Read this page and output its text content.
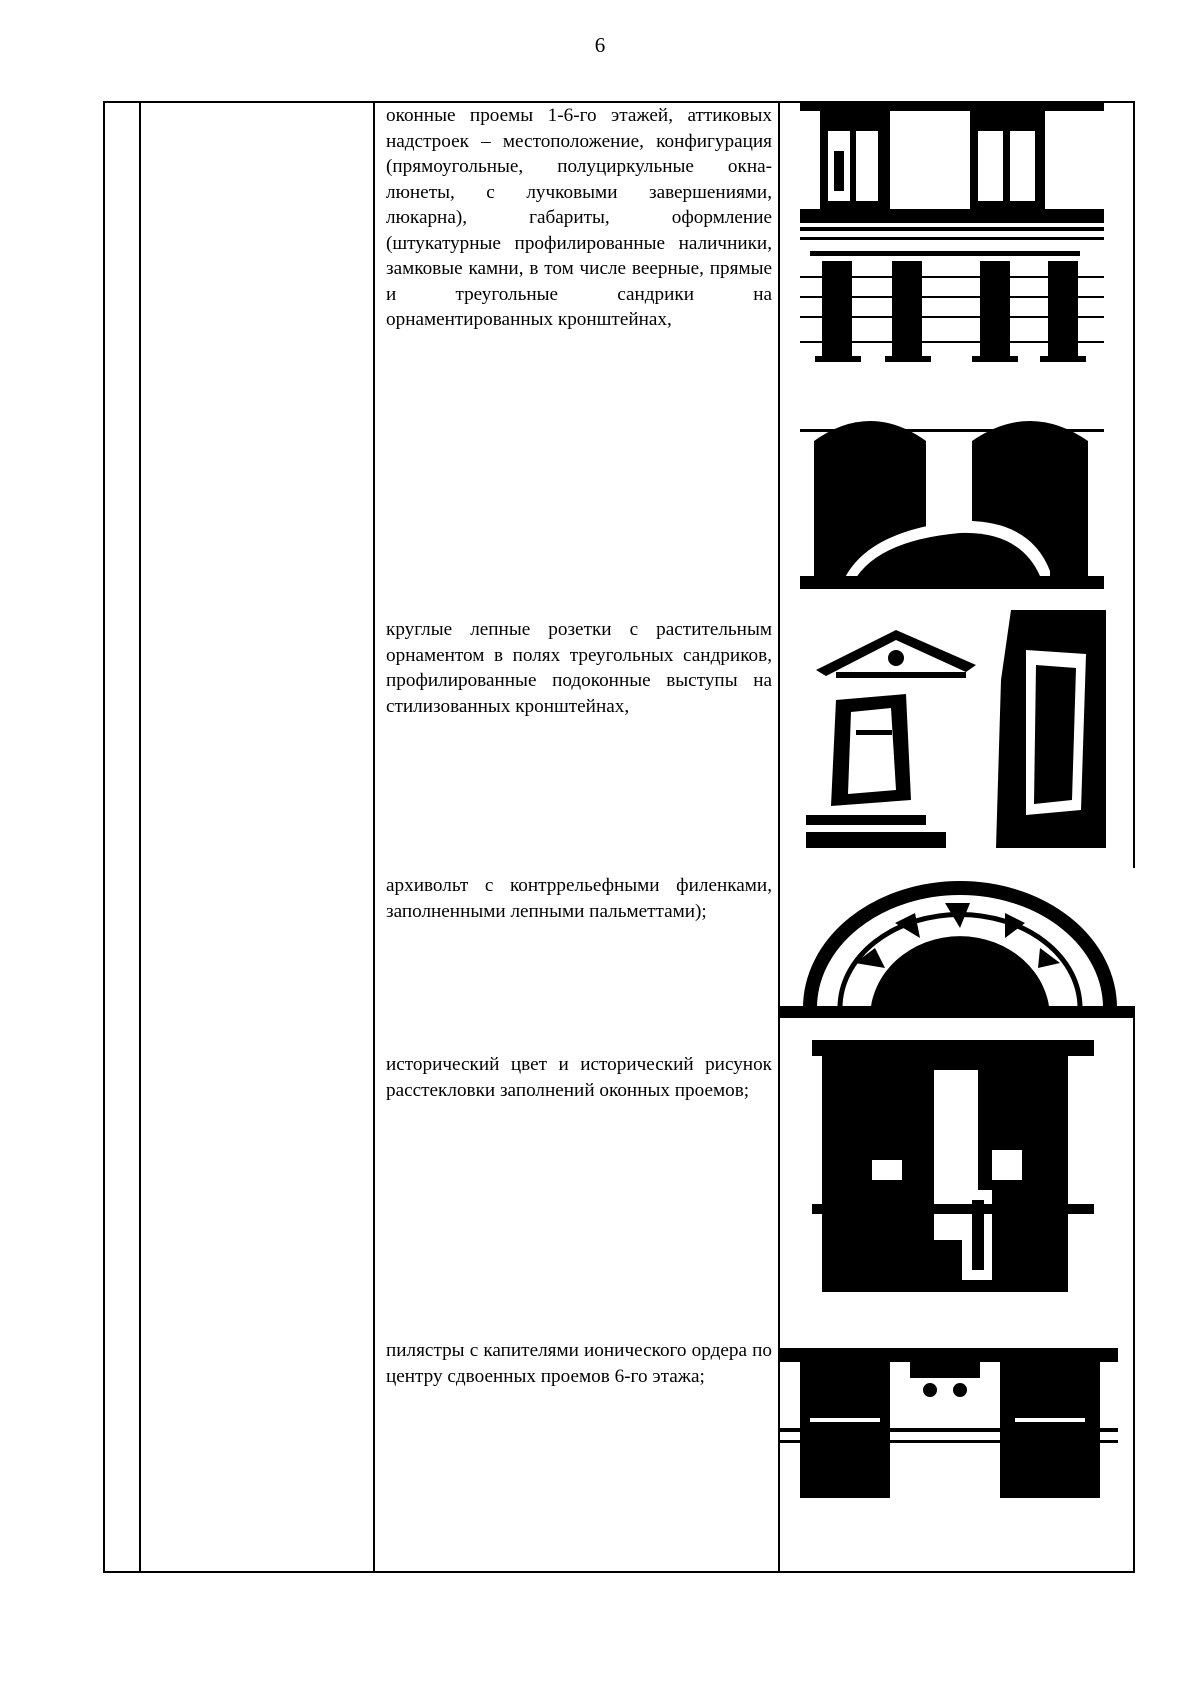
6
оконные проемы 1-6-го этажей, аттиковых надстроек – местоположение, конфигурация (прямоугольные, полуциркульные окна-люнеты, с лучковыми завершениями, люкарна), габариты, оформление (штукатурные профилированные наличники, замковые камни, в том числе веерные, прямые и треугольные сандрики на орнаментированных кронштейнах,
круглые лепные розетки с растительным орнаментом в полях треугольных сандриков, профилированные подоконные выступы на стилизованных кронштейнах,
архивольт с контррельефными филенками, заполненными лепными пальметтами);
исторический цвет и исторический рисунок расстекловки заполнений оконных проемов;
пилястры с капителями ионического ордера по центру сдвоенных проемов 6-го этажа;
